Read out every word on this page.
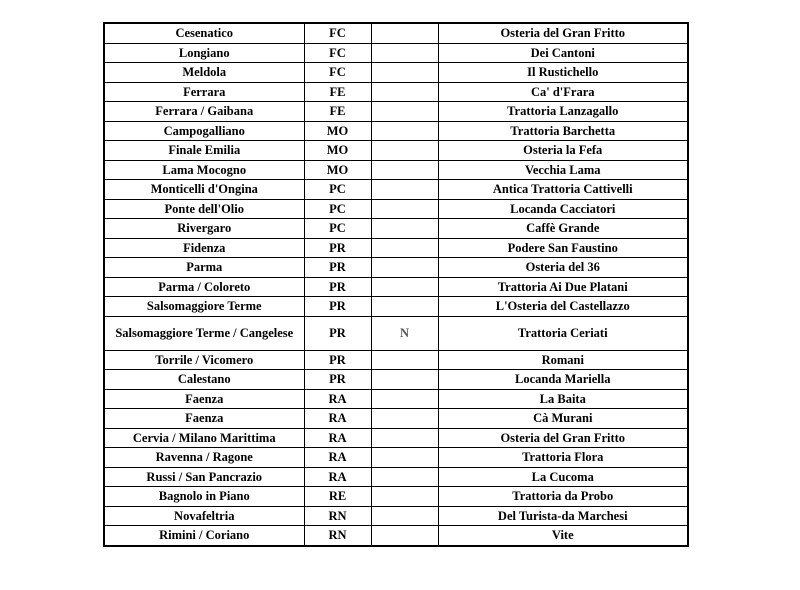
Cesenatico	FC		Osteria del Gran Fritto
Longiano	FC		Dei Cantoni
Meldola	FC		Il Rustichello
Ferrara	FE		Ca' d'Frara
Ferrara / Gaibana	FE		Trattoria Lanzagallo
Campogalliano	MO		Trattoria Barchetta
Finale Emilia	MO		Osteria la Fefa
Lama Mocogno	MO		Vecchia Lama
Monticelli d'Ongina	PC		Antica Trattoria Cattivelli
Ponte dell'Olio	PC		Locanda Cacciatori
Rivergaro	PC		Caffè Grande
Fidenza	PR		Podere San Faustino
Parma	PR		Osteria del 36
Parma / Coloreto	PR		Trattoria Ai Due Platani
Salsomaggiore Terme	PR		L'Osteria del Castellazzo
Salsomaggiore Terme / Cangelese	PR	N	Trattoria Ceriati
Torrile / Vicomero	PR		Romani
Calestano	PR		Locanda Mariella
Faenza	RA		La Baita
Faenza	RA		Cà Murani
Cervia / Milano Marittima	RA		Osteria del Gran Fritto
Ravenna / Ragone	RA		Trattoria Flora
Russi / San Pancrazio	RA		La Cucoma
Bagnolo in Piano	RE		Trattoria da Probo
Novafeltria	RN		Del Turista-da Marchesi
Rimini / Coriano	RN		Vite
